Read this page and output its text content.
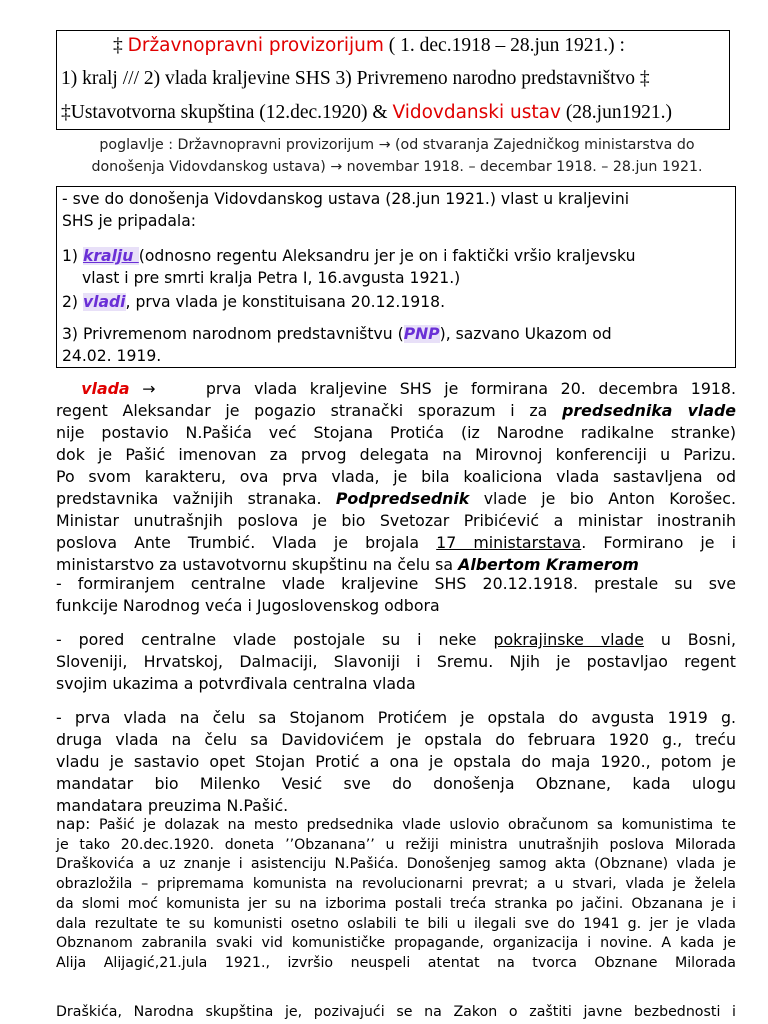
‡ Državnopravni provizorijum ( 1. dec.1918 – 28.jun 1921.) :
1) kralj /// 2) vlada kraljevine SHS 3) Privremeno narodno predstavništvo ‡
‡Ustavotvorna skupština (12.dec.1920) & Vidovdanski ustav (28.jun1921.)
poglavlje : Državnopravni provizorijum → (od stvaranja Zajedničkog ministarstva do
donošenja Vidovdanskog ustava) → novembar 1918. – decembar 1918. – 28.jun 1921.
- sve do donošenja Vidovdanskog ustava (28.jun 1921.) vlast u kraljevini
SHS je pripadala:
1) kralju (odnosno regentu Aleksandru jer je on i faktički vršio kraljevsku
vlast i pre smrti kralja Petra I, 16.avgusta 1921.)
2) vladi, prva vlada je konstituisana 20.12.1918.
3) Privremenom narodnom predstavništvu (PNP), sazvano Ukazom od
24.02. 1919.
vlada →	prva vlada kraljevine SHS je formirana 20. decembra 1918.
regent Aleksandar je pogazio stranački sporazum i za predsednika vlade
nije postavio N.Pašića već Stojana Protića (iz Narodne radikalne stranke)
dok je Pašić imenovan za prvog delegata na Mirovnoj konferenciji u Parizu.
Po svom karakteru, ova prva vlada, je bila koaliciona vlada sastavljena od
predstavnika važnijih stranaka. Podpredsednik vlade je bio Anton Korošec.
Ministar unutrašnjih poslova je bio Svetozar Pribićević a ministar inostranih
poslova Ante Trumbić. Vlada je brojala 17 ministarstava. Formirano je i
ministarstvo za ustavotvornu skupštinu na čelu sa Albertom Kramerom
- formiranjem centralne vlade kraljevine SHS 20.12.1918. prestale su sve
funkcije Narodnog veća i Jugoslovenskog odbora
- pored centralne vlade postojale su i neke pokrajinske vlade u Bosni,
Sloveniji, Hrvatskoj, Dalmaciji, Slavoniji i Sremu. Njih je postavljao regent
svojim ukazima a potvrđivala centralna vlada
- prva vlada na čelu sa Stojanom Protićem je opstala do avgusta 1919 g.
druga vlada na čelu sa Davidovićem je opstala do februara 1920 g., treću
vladu je sastavio opet Stojan Protić a ona je opstala do maja 1920., potom je
mandatar bio Milenko Vesić sve do donošenja Obznane, kada ulogu
mandatara preuzima N.Pašić.
nap: Pašić je dolazak na mesto predsednika vlade uslovio obračunom sa komunistima te
je tako 20.dec.1920. doneta ’’Obzanana’’ u režiji ministra unutrašnjih poslova Milorada
Draškovića a uz znanje i asistenciju N.Pašića. Donošenjeg samog akta (Obznane) vlada je
obrazložila – pripremama komunista na revolucionarni prevrat; a u stvari, vlada je želela
da slomi moć komunista jer su na izborima postali treća stranka po jačini. Obzanana je i
dala rezultate te su komunisti osetno oslabili te bili u ilegali sve do 1941 g. jer je vlada
Obznanom zabranila svaki vid komunističke propagande, organizacija i novine. A kada je
Alija Alijagić,21.jula 1921., izvršio neuspeli atentat na tvorca Obznane Milorada
Draškića, Narodna skupština je, pozivajući se na Zakon o zaštiti javne bezbednosti i
